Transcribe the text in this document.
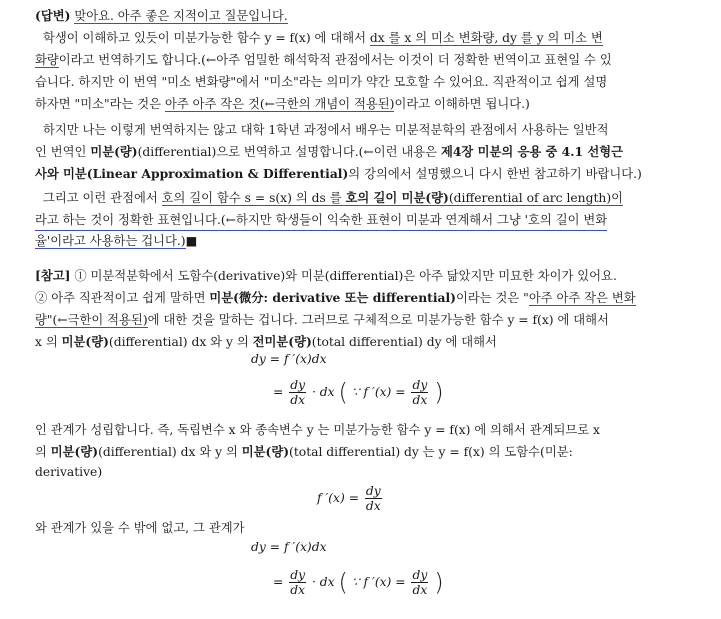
(답변) 맞아요. 아주 좋은 지적이고 질문입니다.
학생이 이해하고 있듯이 미분가능한 함수 y = f(x) 에 대해서 dx 를 x 의 미소 변화량, dy 를 y 의 미소 변
화량이라고 번역하기도 합니다.(←아주 엄밀한 해석학적 관점에서는 이것이 더 정확한 번역이고 표현일 수 있
습니다. 하지만 이 번역 "미소 변화량"에서 "미소"라는 의미가 약간 모호할 수 있어요. 직관적이고 쉽게 설명
하자면 "미소"라는 것은 아주 아주 작은 것(←극한의 개념이 적용된)이라고 이해하면 됩니다.)
하지만 나는 이렇게 번역하지는 않고 대학 1학년 과정에서 배우는 미분적분학의 관점에서 사용하는 일반적
인 번역인 미분(량)(differential)으로 번역하고 설명합니다.(←이런 내용은 제4장 미분의 응용 중 4.1 선형근
사와 미분(Linear Approximation & Differential)의 강의에서 설명했으니 다시 한번 참고하기 바랍니다.)
그리고 이런 관점에서 호의 길이 함수 s = s(x) 의 ds 를 호의 길이 미분(량)(differential of arc length)이
라고 하는 것이 정확한 표현입니다.(←하지만 학생들이 익숙한 표현이 미분과 연계해서 그냥 '호의 길이 변화
율'이라고 사용하는 겁니다.)■
[참고] ① 미분적분학에서 도함수(derivative)와 미분(differential)은 아주 닮았지만 미묘한 차이가 있어요.
② 아주 직관적이고 쉽게 말하면 미분(微分: derivative 또는 differential)이라는 것은 "아주 아주 작은 변화
량"(←극한이 적용된)에 대한 것을 말하는 겁니다. 그러므로 구체적으로 미분가능한 함수 y = f(x) 에 대해서
x 의 미분(량)(differential) dx 와 y 의 전미분(량)(total differential) dy 에 대해서
dy = f ′(x)dx
= $\frac{dy}{dx}$ · dx ( ∵ f $'(x) = \frac{dy}{dx}$ )
인 관계가 성립합니다. 즉, 독립변수 x 와 종속변수 y 는 미분가능한 함수 y = f(x) 에 의해서 관계되므로 x
의 미분(량)(differential) dx 와 y 의 미분(량)(total differential) dy 는 y = f(x) 의 도함수(미분:
derivative)
f $'(x) = \frac{dy}{dx}$
와 관계가 있을 수 밖에 없고, 그 관계가
dy = f ′(x)dx
= $\frac{dy}{dx}$ · dx ( ∵ f $'(x) = \frac{dy}{dx}$ )
